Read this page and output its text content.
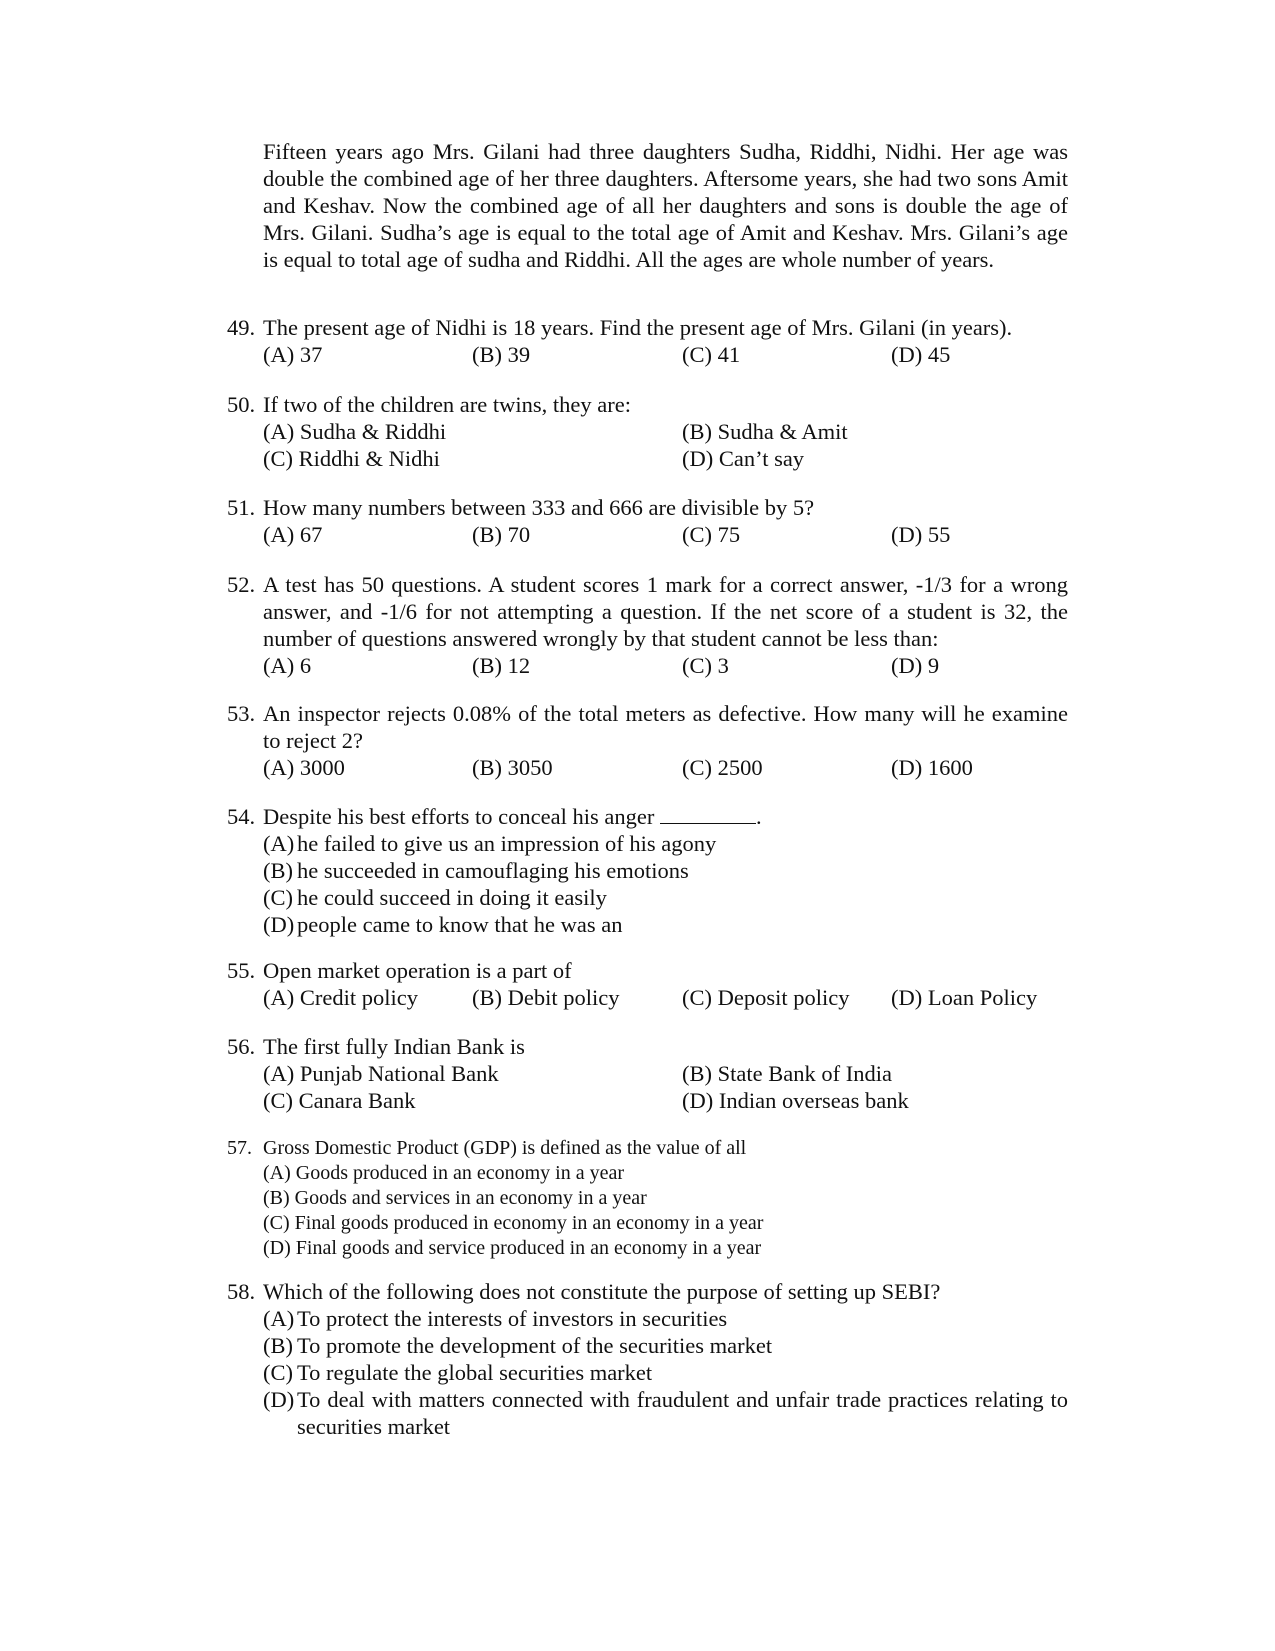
Fifteen years ago Mrs. Gilani had three daughters Sudha, Riddhi, Nidhi. Her age was double the combined age of her three daughters. Aftersome years, she had two sons Amit and Keshav. Now the combined age of all her daughters and sons is double the age of Mrs. Gilani. Sudha’s age is equal to the total age of Amit and Keshav. Mrs. Gilani’s age is equal to total age of sudha and Riddhi. All the ages are whole number of years.
49. The present age of Nidhi is 18 years. Find the present age of Mrs. Gilani (in years).
(A) 37	(B) 39	(C) 41	(D) 45
50. If two of the children are twins, they are:
(A) Sudha & Riddhi	(B) Sudha & Amit
(C) Riddhi & Nidhi	(D) Can’t say
51. How many numbers between 333 and 666 are divisible by 5?
(A) 67	(B) 70	(C) 75	(D) 55
52. A test has 50 questions. A student scores 1 mark for a correct answer, -1/3 for a wrong answer, and -1/6 for not attempting a question. If the net score of a student is 32, the number of questions answered wrongly by that student cannot be less than:
(A) 6	(B) 12	(C) 3	(D) 9
53. An inspector rejects 0.08% of the total meters as defective. How many will he examine to reject 2?
(A) 3000	(B) 3050	(C) 2500	(D) 1600
54. Despite his best efforts to conceal his anger	.
(A) he failed to give us an impression of his agony
(B) he succeeded in camouflaging his emotions
(C) he could succeed in doing it easily
(D) people came to know that he was an
55. Open market operation is a part of
(A) Credit policy (B) Debit policy	(C) Deposit policy (D) Loan Policy
56. The first fully Indian Bank is
(A) Punjab National Bank	(B) State Bank of India
(C) Canara Bank	(D) Indian overseas bank
57. Gross Domestic Product (GDP) is defined as the value of all
(A) Goods produced in an economy in a year
(B) Goods and services in an economy in a year
(C) Final goods produced in economy in an economy in a year
(D) Final goods and service produced in an economy in a year
58. Which of the following does not constitute the purpose of setting up SEBI?
(A) To protect the interests of investors in securities
(B) To promote the development of the securities market
(C) To regulate the global securities market
(D) To deal with matters connected with fraudulent and unfair trade practices relating to securities market
